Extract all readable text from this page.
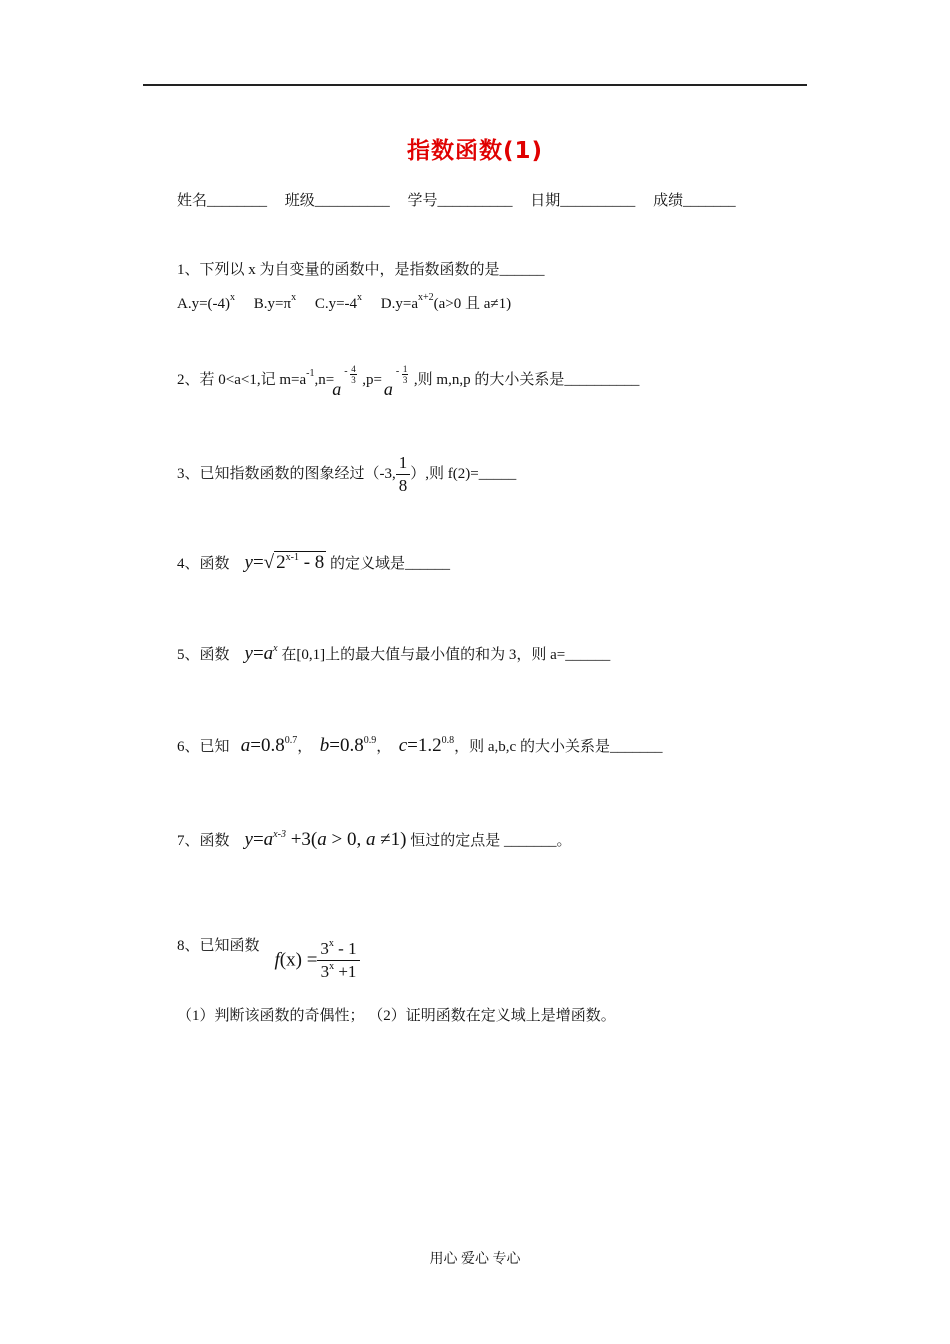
指数函数(1)
姓名________ 班级__________ 学号__________ 日期__________ 成绩_______
1、下列以 x 为自变量的函数中，是指数函数的是______
$A.y=(-4)^x$ $B.y=\pi^x$ $C.y=-4^x$ $D.y=a^{x+2}(a>0$ 且 a≠1)
2、若 0<a<1,记 $m=a^{-1},n=$
a
- $\frac{4}{3} ,p= a$
- $\frac{1}{3}$ ,则 m,n,p 的大小关系是__________
3、已知指数函数的图象经过（-3, $\frac{1}{8}$ ）,则 f(2)=_____
4、函数 y=√ 2$^{x-1}$ - 8 的定义域是______
5、函数 $y=a^x$ 在[0,1]上的最大值与最小值的和为 3，则 a=______
6、已知 $a=0.8^{0.7}$， $b=0.8^{0.9}$， $c=1.2^{0.8}$，则 a,b,c 的大小关系是_______
7、函数 $y=a^{x-3} +3(a > 0$, a ≠1) 恒过的定点是 _______。
8、已知函数    $f(x) = \frac{3^x - 1}{3^x +1}$
（1）判断该函数的奇偶性； （2）证明函数在定义域上是增函数。
用心 爱心 专心
